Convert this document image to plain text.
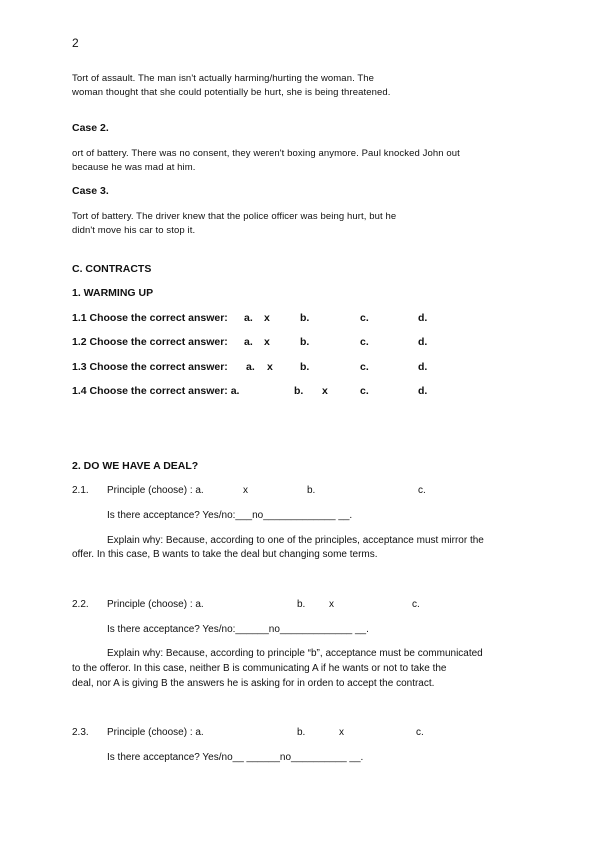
2
Tort of assault. The man isn't actually harming/hurting the woman. The
woman thought that she could potentially be hurt, she is being threatened.
Case 2.
ort of battery. There was no consent, they weren't boxing anymore. Paul knocked John out
because he was mad at him.
Case 3.
Tort of battery. The driver knew that the police officer was being hurt, but he
didn't move his car to stop it.
C. CONTRACTS
1. WARMING UP
1.1 Choose the correct answer: a. x	b.	c.	d.
1.2 Choose the correct answer: a. x	b.	c.	d.
1.3 Choose the correct answer: a. x	b.	c.	d.
1.4 Choose the correct answer: a.	b. x	c.	d.
2. DO WE HAVE A DEAL?
2.1. Principle (choose) : a.	x	b.	c.
Is there acceptance? Yes/no:___no_____________ __.
Explain why: Because, according to one of the principles, acceptance must mirror the
offer. In this case, B wants to take the deal but changing some terms.
2.2. Principle (choose) : a.	b. x	c.
Is there acceptance? Yes/no:______no_____________ __.
Explain why: Because, according to principle “b”, acceptance must be communicated
to the offeror. In this case, neither B is communicating A if he wants or not to take the
deal, nor A is giving B the answers he is asking for in orden to accept the contract.
2.3. Principle (choose) : a.	b.	x	c.
Is there acceptance? Yes/no__ ______no__________ __.
